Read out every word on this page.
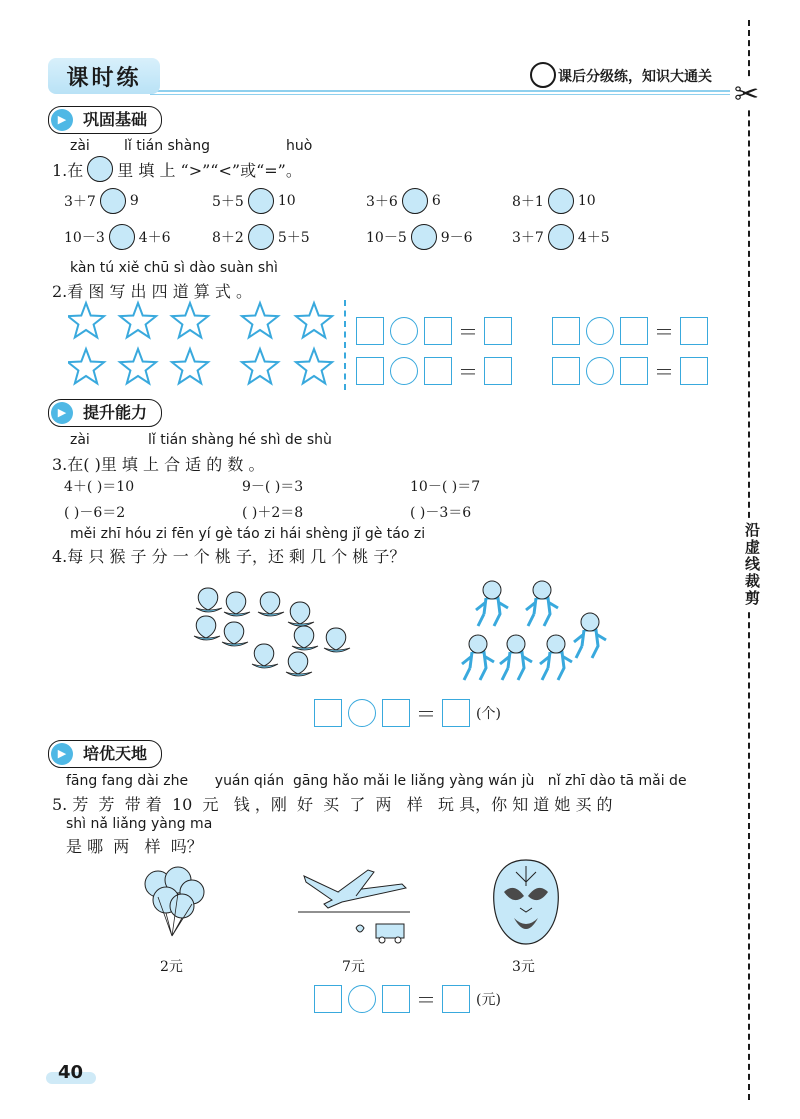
✂
沿虚线裁剪
课时练	课后分级练，知识大通关
▶	巩固基础
zài lǐ tián shàng	huò
1.在 里 填 上 “>”“<”或“=”。
3＋7 9	5＋5 10	3＋6 6	8＋1 10
10－3 4＋6	8＋2 5＋5	10－5 9－6	3＋7 4＋5
kàn tú xiě chū sì dào suàn shì
2.看 图 写 出 四 道 算 式 。
＝	＝
＝	＝
▶	提升能力
zài	lǐ tián shàng hé shì de shù
3.在( )里 填 上 合 适 的 数 。
4＋( )＝10	9－( )＝3	10－( )＝7
( )－6＝2	( )＋2＝8	( )－3＝6
měi zhī hóu zi fēn yí gè táo zi hái shèng jǐ gè táo zi
4.每 只 猴 子 分 一 个 桃 子，还 剩 几 个 桃 子？
＝	(个)
▶	培优天地
fāng fang dài zhe      yuán qián  gāng hǎo mǎi le liǎng yàng wán jù   nǐ zhī dào tā mǎi de
5. 芳  芳  带 着  10  元   钱 ，刚  好  买  了  两   样   玩 具，你 知 道 她 买 的
shì nǎ liǎng yàng ma
是 哪  两   样  吗？
2元	7元	3元
＝	(元)
40
